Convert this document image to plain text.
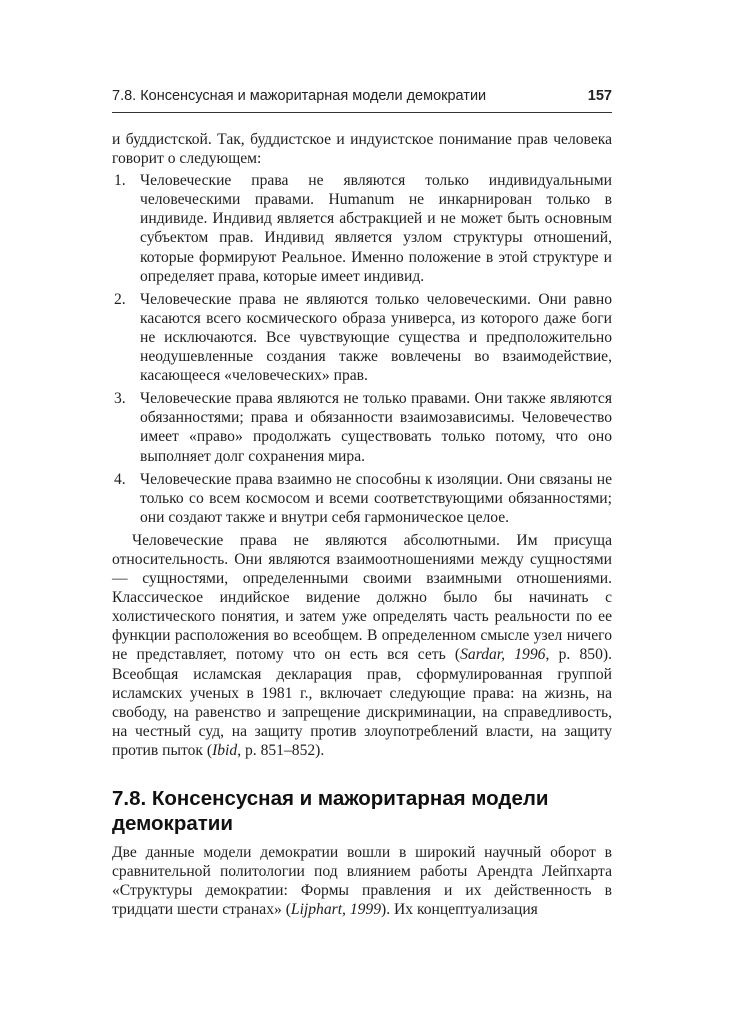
7.8. Консенсусная и мажоритарная модели демократии	157

и буддистской. Так, буддистское и индуистское понимание прав человека говорит о следующем:

1. Человеческие права не являются только индивидуальными человеческими правами. Humanum не инкарнирован только в индивиде. Индивид является абстракцией и не может быть основным субъектом прав. Индивид является узлом структуры отношений, которые формируют Реальное. Именно положение в этой структуре и определяет права, которые имеет индивид.
2. Человеческие права не являются только человеческими. Они равно касаются всего космического образа универса, из которого даже боги не исключаются. Все чувствующие существа и предположительно неодушевленные создания также вовлечены во взаимодействие, касающееся «человеческих» прав.
3. Человеческие права являются не только правами. Они также являются обязанностями; права и обязанности взаимозависимы. Человечество имеет «право» продолжать существовать только потому, что оно выполняет долг сохранения мира.
4. Человеческие права взаимно не способны к изоляции. Они связаны не только со всем космосом и всеми соответствующими обязанностями; они создают также и внутри себя гармоническое целое.

Человеческие права не являются абсолютными. Им присуща относительность. Они являются взаимоотношениями между сущностями — сущностями, определенными своими взаимными отношениями. Классическое индийское видение должно было бы начинать с холистического понятия, и затем уже определять часть реальности по ее функции расположения во всеобщем. В определенном смысле узел ничего не представляет, потому что он есть вся сеть (Sardar, 1996, p. 850). Всеобщая исламская декларация прав, сформулированная группой исламских ученых в 1981 г., включает следующие права: на жизнь, на свободу, на равенство и запрещение дискриминации, на справедливость, на честный суд, на защиту против злоупотреблений власти, на защиту против пыток (Ibid, p. 851–852).

7.8. Консенсусная и мажоритарная модели демократии

Две данные модели демократии вошли в широкий научный оборот в сравнительной политологии под влиянием работы Арендта Лейпхарта «Структуры демократии: Формы правления и их действенность в тридцати шести странах» (Lijphart, 1999). Их концептуализация
